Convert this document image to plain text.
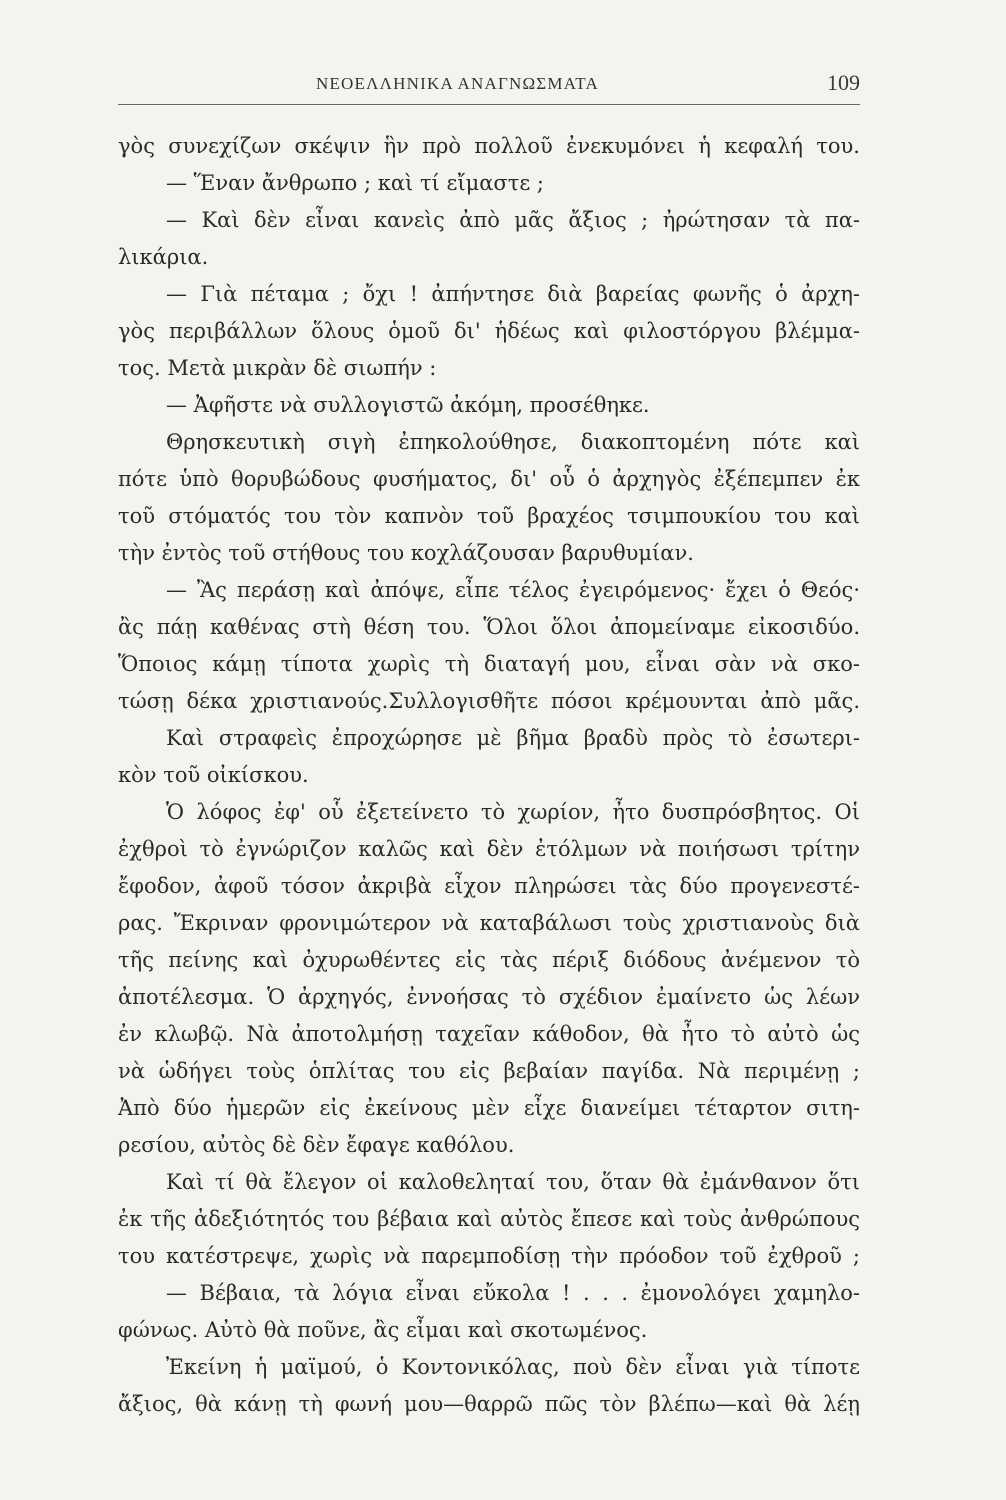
ΝΕΟΕΛΛΗΝΙΚΑ ΑΝΑΓΝΩΣΜΑΤΑ	109
γὸς συνεχίζων σκέψιν ἣν πρὸ πολλοῦ ἐνεκυμόνει ἡ κεφαλή του.
— Ἕναν ἄνθρωπο ; καὶ τί εἴμαστε ;
— Καὶ δὲν εἶναι κανεὶς ἀπὸ μᾶς ἄξιος ; ἠρώτησαν τὰ πα-
λικάρια.
— Γιὰ πέταμα ; ὄχι ! ἀπήντησε διὰ βαρείας φωνῆς ὁ ἀρχη-
γὸς περιβάλλων ὅλους ὁμοῦ δι' ἡδέως καὶ φιλοστόργου βλέμμα-
τος. Μετὰ μικρὰν δὲ σιωπήν :
— Ἀφῆστε νὰ συλλογιστῶ ἀκόμη, προσέθηκε.
Θρησκευτικὴ σιγὴ ἐπηκολούθησε, διακοπτομένη πότε καὶ
πότε ὑπὸ θορυβώδους φυσήματος, δι' οὗ ὁ ἀρχηγὸς ἐξέπεμπεν ἐκ
τοῦ στόματός του τὸν καπνὸν τοῦ βραχέος τσιμπουκίου του καὶ
τὴν ἐντὸς τοῦ στήθους του κοχλάζουσαν βαρυθυμίαν.
— Ἂς περάσῃ καὶ ἀπόψε, εἶπε τέλος ἐγειρόμενος· ἔχει ὁ Θεός·
ἂς πάῃ καθένας στὴ θέση του. Ὅλοι ὅλοι ἀπομείναμε εἰκοσιδύο.
Ὅποιος κάμῃ τίποτα χωρὶς τὴ διαταγή μου, εἶναι σὰν νὰ σκο-
τώσῃ δέκα χριστιανούς.Συλλογισθῆτε πόσοι κρέμουνται ἀπὸ μᾶς.
Καὶ στραφεὶς ἐπροχώρησε μὲ βῆμα βραδὺ πρὸς τὸ ἐσωτερι-
κὸν τοῦ οἰκίσκου.
Ὁ λόφος ἐφ' οὗ ἐξετείνετο τὸ χωρίον, ἦτο δυσπρόσβητος. Οἱ
ἐχθροὶ τὸ ἐγνώριζον καλῶς καὶ δὲν ἐτόλμων νὰ ποιήσωσι τρίτην
ἔφοδον, ἀφοῦ τόσον ἀκριβὰ εἶχον πληρώσει τὰς δύο προγενεστέ-
ρας. Ἔκριναν φρονιμώτερον νὰ καταβάλωσι τοὺς χριστιανοὺς διὰ
τῆς πείνης καὶ ὀχυρωθέντες εἰς τὰς πέριξ διόδους ἀνέμενον τὸ
ἀποτέλεσμα. Ὁ ἀρχηγός, ἐννοήσας τὸ σχέδιον ἐμαίνετο ὡς λέων
ἐν κλωβῷ. Νὰ ἀποτολμήσῃ ταχεῖαν κάθοδον, θὰ ἦτο τὸ αὐτὸ ὡς
νὰ ὡδήγει τοὺς ὁπλίτας του εἰς βεβαίαν παγίδα. Νὰ περιμένῃ ;
Ἀπὸ δύο ἡμερῶν εἰς ἐκείνους μὲν εἶχε διανείμει τέταρτον σιτη-
ρεσίου, αὐτὸς δὲ δὲν ἔφαγε καθόλου.
Καὶ τί θὰ ἔλεγον οἱ καλοθεληταί του, ὅταν θὰ ἐμάνθανον ὅτι
ἐκ τῆς ἀδεξιότητός του βέβαια καὶ αὐτὸς ἔπεσε καὶ τοὺς ἀνθρώπους
του κατέστρεψε, χωρὶς νὰ παρεμποδίσῃ τὴν πρόοδον τοῦ ἐχθροῦ ;
— Βέβαια, τὰ λόγια εἶναι εὔκολα ! . . . ἐμονολόγει χαμηλο-
φώνως. Αὐτὸ θὰ ποῦνε, ἂς εἶμαι καὶ σκοτωμένος.
Ἐκείνη ἡ μαϊμού, ὁ Κοντονικόλας, ποὺ δὲν εἶναι γιὰ τίποτε
ἄξιος, θὰ κάνῃ τὴ φωνή μου—θαρρῶ πῶς τὸν βλέπω—καὶ θὰ λέῃ
